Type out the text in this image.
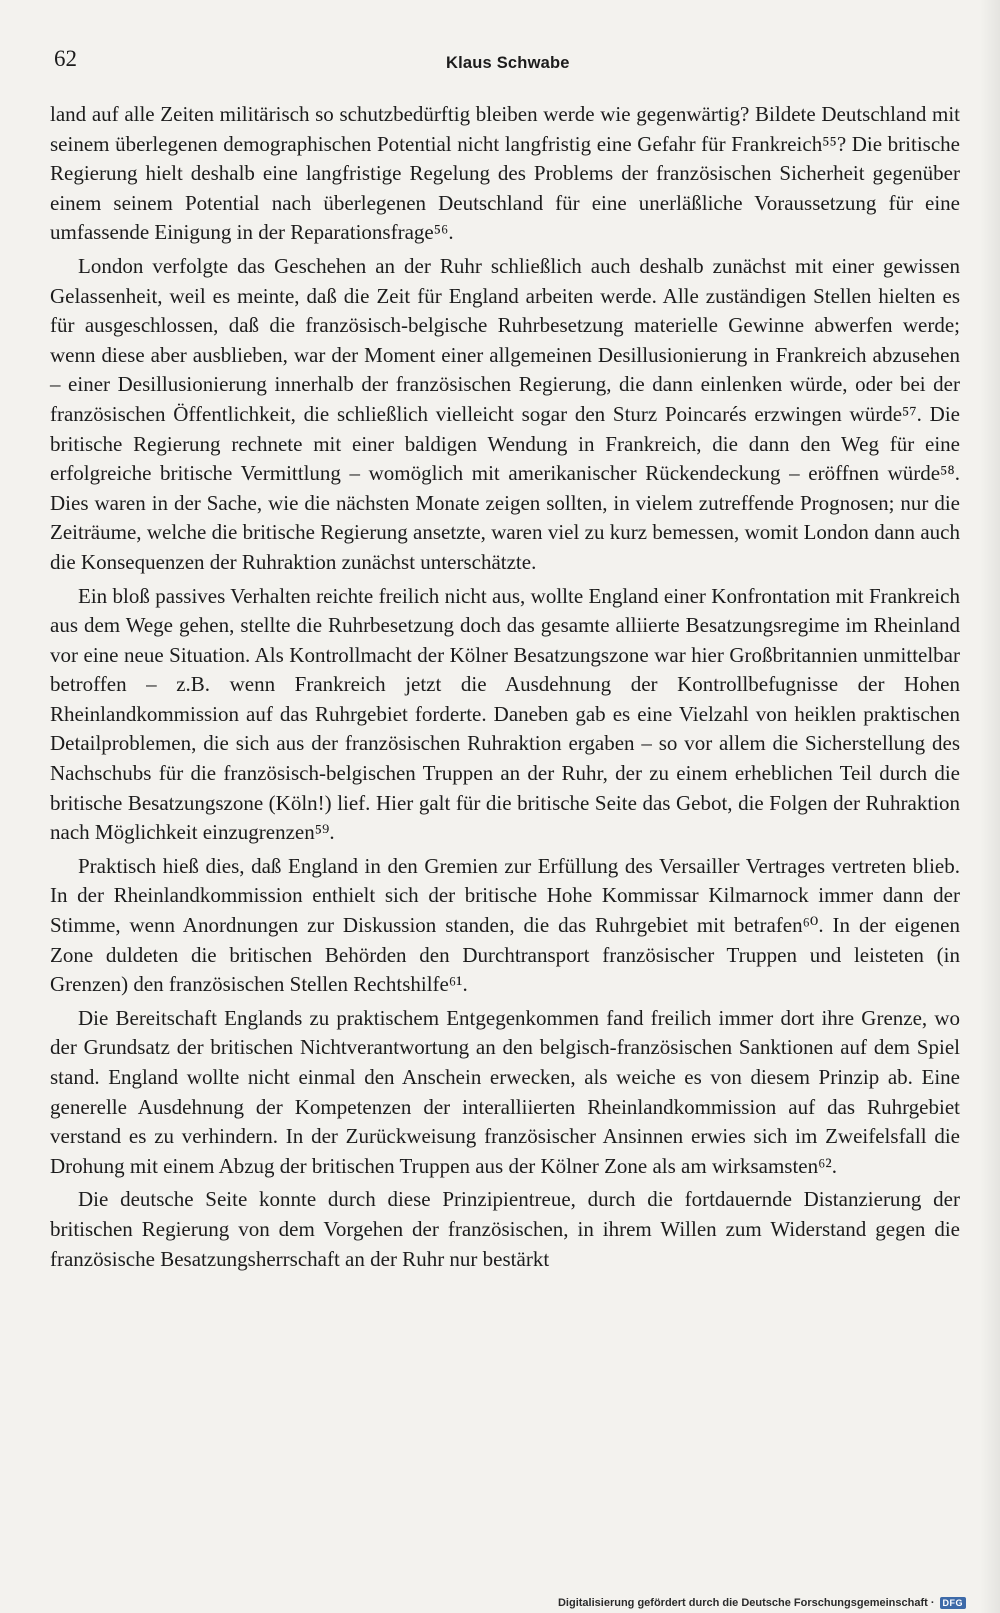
62	Klaus Schwabe

land auf alle Zeiten militärisch so schutzbedürftig bleiben werde wie gegenwärtig? Bildete Deutschland mit seinem überlegenen demographischen Potential nicht langfristig eine Gefahr für Frankreich⁵⁵? Die britische Regierung hielt deshalb eine langfristige Regelung des Problems der französischen Sicherheit gegenüber einem seinem Potential nach überlegenen Deutschland für eine unerläßliche Voraussetzung für eine umfassende Einigung in der Reparationsfrage⁵⁶.

London verfolgte das Geschehen an der Ruhr schließlich auch deshalb zunächst mit einer gewissen Gelassenheit, weil es meinte, daß die Zeit für England arbeiten werde. Alle zuständigen Stellen hielten es für ausgeschlossen, daß die französisch-belgische Ruhrbesetzung materielle Gewinne abwerfen werde; wenn diese aber ausblieben, war der Moment einer allgemeinen Desillusionierung in Frankreich abzusehen – einer Desillusionierung innerhalb der französischen Regierung, die dann einlenken würde, oder bei der französischen Öffentlichkeit, die schließlich vielleicht sogar den Sturz Poincarés erzwingen würde⁵⁷. Die britische Regierung rechnete mit einer baldigen Wendung in Frankreich, die dann den Weg für eine erfolgreiche britische Vermittlung – womöglich mit amerikanischer Rückendeckung – eröffnen würde⁵⁸. Dies waren in der Sache, wie die nächsten Monate zeigen sollten, in vielem zutreffende Prognosen; nur die Zeiträume, welche die britische Regierung ansetzte, waren viel zu kurz bemessen, womit London dann auch die Konsequenzen der Ruhraktion zunächst unterschätzte.

Ein bloß passives Verhalten reichte freilich nicht aus, wollte England einer Konfrontation mit Frankreich aus dem Wege gehen, stellte die Ruhrbesetzung doch das gesamte alliierte Besatzungsregime im Rheinland vor eine neue Situation. Als Kontrollmacht der Kölner Besatzungszone war hier Großbritannien unmittelbar betroffen – z.B. wenn Frankreich jetzt die Ausdehnung der Kontrollbefugnisse der Hohen Rheinlandkommission auf das Ruhrgebiet forderte. Daneben gab es eine Vielzahl von heiklen praktischen Detailproblemen, die sich aus der französischen Ruhraktion ergaben – so vor allem die Sicherstellung des Nachschubs für die französisch-belgischen Truppen an der Ruhr, der zu einem erheblichen Teil durch die britische Besatzungszone (Köln!) lief. Hier galt für die britische Seite das Gebot, die Folgen der Ruhraktion nach Möglichkeit einzugrenzen⁵⁹.

Praktisch hieß dies, daß England in den Gremien zur Erfüllung des Versailler Vertrages vertreten blieb. In der Rheinlandkommission enthielt sich der britische Hohe Kommissar Kilmarnock immer dann der Stimme, wenn Anordnungen zur Diskussion standen, die das Ruhrgebiet mit betrafen⁶⁰. In der eigenen Zone duldeten die britischen Behörden den Durchtransport französischer Truppen und leisteten (in Grenzen) den französischen Stellen Rechtshilfe⁶¹.

Die Bereitschaft Englands zu praktischem Entgegenkommen fand freilich immer dort ihre Grenze, wo der Grundsatz der britischen Nichtverantwortung an den belgisch-französischen Sanktionen auf dem Spiel stand. England wollte nicht einmal den Anschein erwecken, als weiche es von diesem Prinzip ab. Eine generelle Ausdehnung der Kompetenzen der interalliierten Rheinlandkommission auf das Ruhrgebiet verstand es zu verhindern. In der Zurückweisung französischer Ansinnen erwies sich im Zweifelsfall die Drohung mit einem Abzug der britischen Truppen aus der Kölner Zone als am wirksamsten⁶².

Die deutsche Seite konnte durch diese Prinzipientreue, durch die fortdauernde Distanzierung der britischen Regierung von dem Vorgehen der französischen, in ihrem Willen zum Widerstand gegen die französische Besatzungsherrschaft an der Ruhr nur bestärkt

Digitalisierung gefördert durch die Deutsche Forschungsgemeinschaft · DFG
